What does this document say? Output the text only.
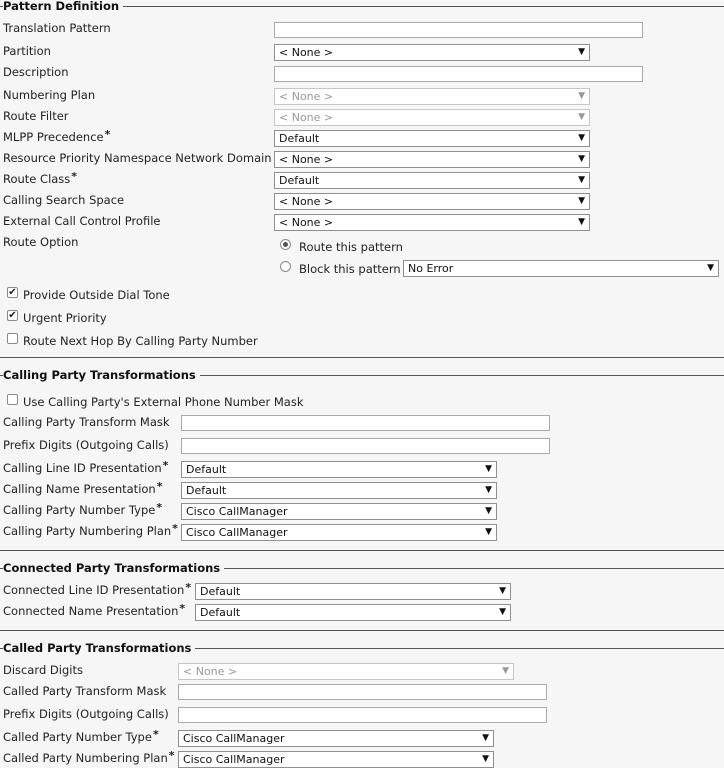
Pattern Definition
Translation Pattern
Partition	< None >	▼
Description
Numbering Plan	< None >	▼
Route Filter	< None >	▼
MLPP Precedence*	Default	▼
Resource Priority Namespace Network Domain < None >	▼
Route Class*	Default	▼
Calling Search Space	< None >	▼
External Call Control Profile	< None >	▼
Route Option	Route this pattern
Block this pattern No Error	▼
✔ Provide Outside Dial Tone
✔ Urgent Priority
Route Next Hop By Calling Party Number
Calling Party Transformations
Use Calling Party's External Phone Number Mask
Calling Party Transform Mask
Prefix Digits (Outgoing Calls)
Calling Line ID Presentation*	Default	▼
Calling Name Presentation*	Default	▼
Calling Party Number Type*	Cisco CallManager	▼
Calling Party Numbering Plan* Cisco CallManager	▼
Connected Party Transformations
Connected Line ID Presentation* Default	▼
Connected Name Presentation*	Default	▼
Called Party Transformations
Discard Digits	< None >	▼
Called Party Transform Mask
Prefix Digits (Outgoing Calls)
Called Party Number Type*	Cisco CallManager	▼
Called Party Numbering Plan* Cisco CallManager	▼
